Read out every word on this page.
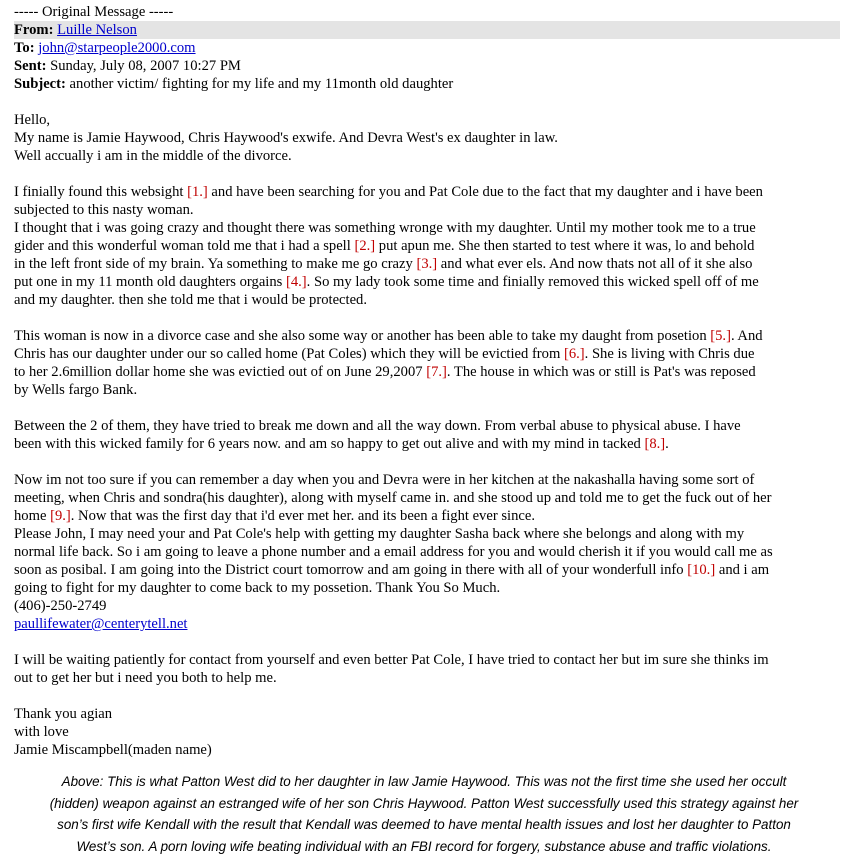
----- Original Message -----
From: Luille Nelson
To: john@starpeople2000.com
Sent: Sunday, July 08, 2007 10:27 PM
Subject: another victim/ fighting for my life and my 11month old daughter
Hello,
My name is Jamie Haywood, Chris Haywood's exwife. And Devra West's ex daughter in law.
Well accually i am in the middle of the divorce.
I finially found this websight [1.] and have been searching for you and Pat Cole due to the fact that my daughter and i have been
subjected to this nasty woman.
I thought that i was going crazy and thought there was something wronge with my daughter. Until my mother took me to a true
gider and this wonderful woman told me that i had a spell [2.] put apun me. She then started to test where it was, lo and behold
in the left front side of my brain. Ya something to make me go crazy [3.] and what ever els. And now thats not all of it she also
put one in my 11 month old daughters orgains [4.]. So my lady took some time and finially removed this wicked spell off of me
and my daughter. then she told me that i would be protected.
This woman is now in a divorce case and she also some way or another has been able to take my daught from posetion [5.]. And
Chris has our daughter under our so called home (Pat Coles) which they will be evictied from [6.]. She is living with Chris due
to her 2.6million dollar home she was evictied out of on June 29,2007 [7.]. The house in which was or still is Pat's was reposed
by Wells fargo Bank.
Between the 2 of them, they have tried to break me down and all the way down. From verbal abuse to physical abuse. I have
been with this wicked family for 6 years now. and am so happy to get out alive and with my mind in tacked [8.].
Now im not too sure if you can remember a day when you and Devra were in her kitchen at the nakashalla having some sort of
meeting, when Chris and sondra(his daughter), along with myself came in. and she stood up and told me to get the fuck out of her
home [9.]. Now that was the first day that i'd ever met her. and its been a fight ever since.
Please John, I may need your and Pat Cole's help with getting my daughter Sasha back where she belongs and along with my
normal life back. So i am going to leave a phone number and a email address for you and would cherish it if you would call me as
soon as posibal. I am going into the District court tomorrow and am going in there with all of your wonderfull info [10.] and i am
going to fight for my daughter to come back to my possetion. Thank You So Much.
(406)-250-2749
paullifewater@centerytell.net
I will be waiting patiently for contact from yourself and even better Pat Cole, I have tried to contact her but im sure she thinks im
out to get her but i need you both to help me.
Thank you agian
with love
Jamie Miscampbell(maden name)
Above: This is what Patton West did to her daughter in law Jamie Haywood. This was not the first time she used her occult
(hidden) weapon against an estranged wife of her son Chris Haywood. Patton West successfully used this strategy against her
son’s first wife Kendall with the result that Kendall was deemed to have mental health issues and lost her daughter to Patton
West’s son. A porn loving wife beating individual with an FBI record for forgery, substance abuse and traffic violations.
